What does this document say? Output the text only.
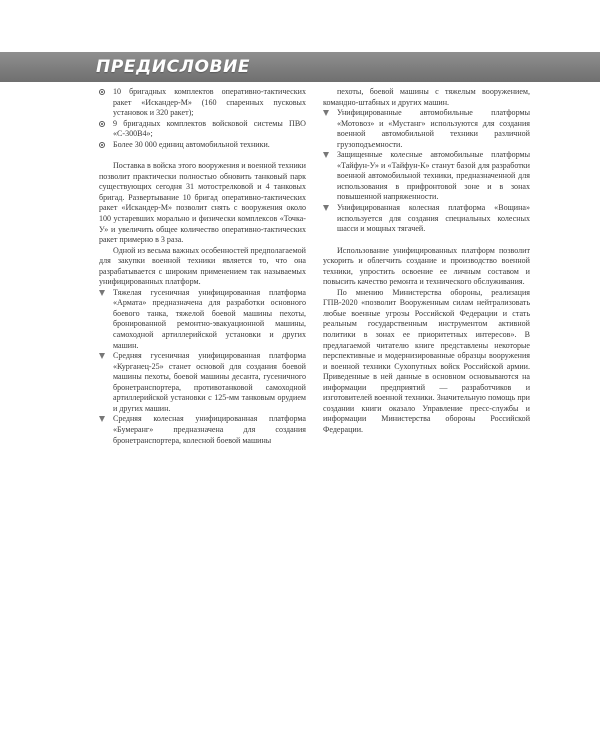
ПРЕДИСЛОВИЕ
10 бригадных комплектов оперативно-тактических ракет «Искандер-М» (160 спаренных пусковых установок и 320 ракет);
9 бригадных комплектов войсковой системы ПВО «С-300В4»;
Более 30 000 единиц автомобильной техники.

Поставка в войска этого вооружения и военной техники позволит практически полностью обновить танковый парк существующих сегодня 31 мотострелковой и 4 танковых бригад. Развертывание 10 бригад оперативно-тактических ракет «Искандер-М» позволит снять с вооружения около 100 устаревших морально и физически комплексов «Точка-У» и увеличить общее количество оперативно-тактических ракет примерно в 3 раза.

Одной из весьма важных особенностей предполагаемой для закупки военной техники является то, что она разрабатывается с широким применением так называемых унифицированных платформ.

Тяжелая гусеничная унифицированная платформа «Армата» предназначена для разработки основного боевого танка, тяжелой боевой машины пехоты, бронированной ремонтно-эвакуационной машины, самоходной артиллерийской установки и других машин.
Средняя гусеничная унифицированная платформа «Курганец-25» станет основой для создания боевой машины пехоты, боевой машины десанта, гусеничного бронетранспортера, противотанковой самоходной артиллерийской установки с 125-мм танковым орудием и других машин.
Средняя колесная унифицированная платформа «Бумеранг» предназначена для создания бронетранспортера, колесной боевой машины

пехоты, боевой машины с тяжелым вооружением, командно-штабных и других машин.

Унифицированные автомобильные платформы «Мотовоз» и «Мустанг» используются для создания военной автомобильной техники различной грузоподъемности.
Защищенные колесные автомобильные платформы «Тайфун-У» и «Тайфун-К» станут базой для разработки военной автомобильной техники, предназначенной для использования в прифронтовой зоне и в зонах повышенной напряженности.
Унифицированная колесная платформа «Вощина» используется для создания специальных колесных шасси и мощных тягачей.

Использование унифицированных платформ позволит ускорить и облегчить создание и производство военной техники, упростить освоение ее личным составом и повысить качество ремонта и технического обслуживания.

По мнению Министерства обороны, реализация ГПВ-2020 «позволит Вооруженным силам нейтрализовать любые военные угрозы Российской Федерации и стать реальным государственным инструментом активной политики в зонах ее приоритетных интересов». В предлагаемой читателю книге представлены некоторые перспективные и модернизированные образцы вооружения и военной техники Сухопутных войск Российской армии. Приведенные в ней данные в основном основываются на информации предприятий — разработчиков и изготовителей военной техники. Значительную помощь при создании книги оказало Управление пресс-службы и информации Министерства обороны Российской Федерации.
